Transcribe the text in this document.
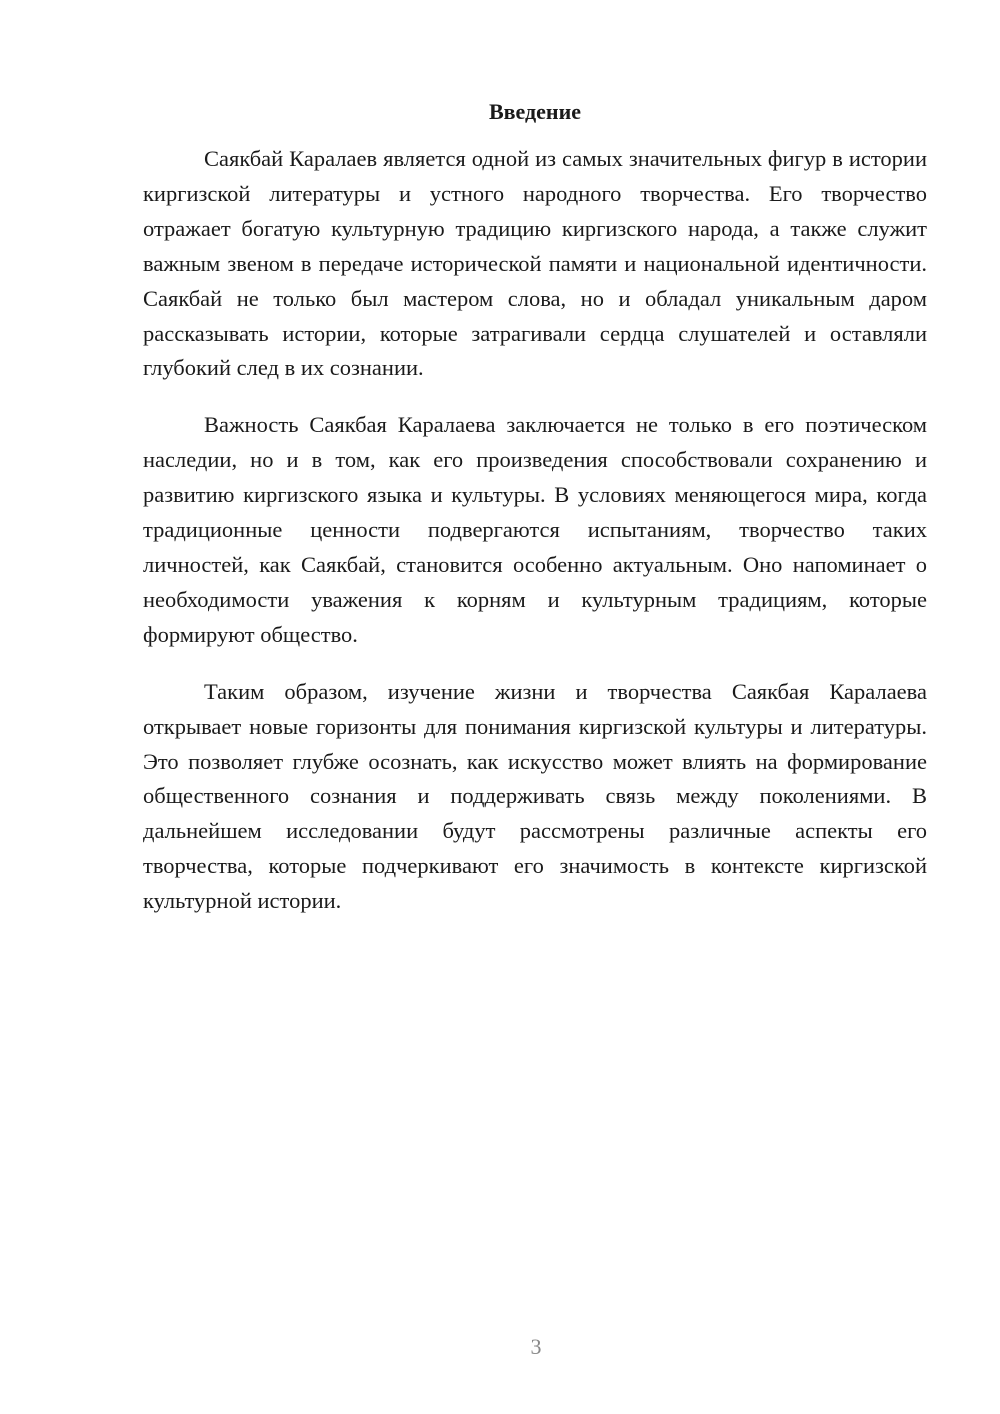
Введение

Саякбай Каралаев является одной из самых значительных фигур в истории киргизской литературы и устного народного творчества. Его творчество отражает богатую культурную традицию киргизского народа, а также служит важным звеном в передаче исторической памяти и национальной идентичности. Саякбай не только был мастером слова, но и обладал уникальным даром рассказывать истории, которые затрагивали сердца слушателей и оставляли глубокий след в их сознании.

Важность Саякбая Каралаева заключается не только в его поэтическом наследии, но и в том, как его произведения способствовали сохранению и развитию киргизского языка и культуры. В условиях меняющегося мира, когда традиционные ценности подвергаются испытаниям, творчество таких личностей, как Саякбай, становится особенно актуальным. Оно напоминает о необходимости уважения к корням и культурным традициям, которые формируют общество.

Таким образом, изучение жизни и творчества Саякбая Каралаева открывает новые горизонты для понимания киргизской культуры и литературы. Это позволяет глубже осознать, как искусство может влиять на формирование общественного сознания и поддерживать связь между поколениями. В дальнейшем исследовании будут рассмотрены различные аспекты его творчества, которые подчеркивают его значимость в контексте киргизской культурной истории.

3
